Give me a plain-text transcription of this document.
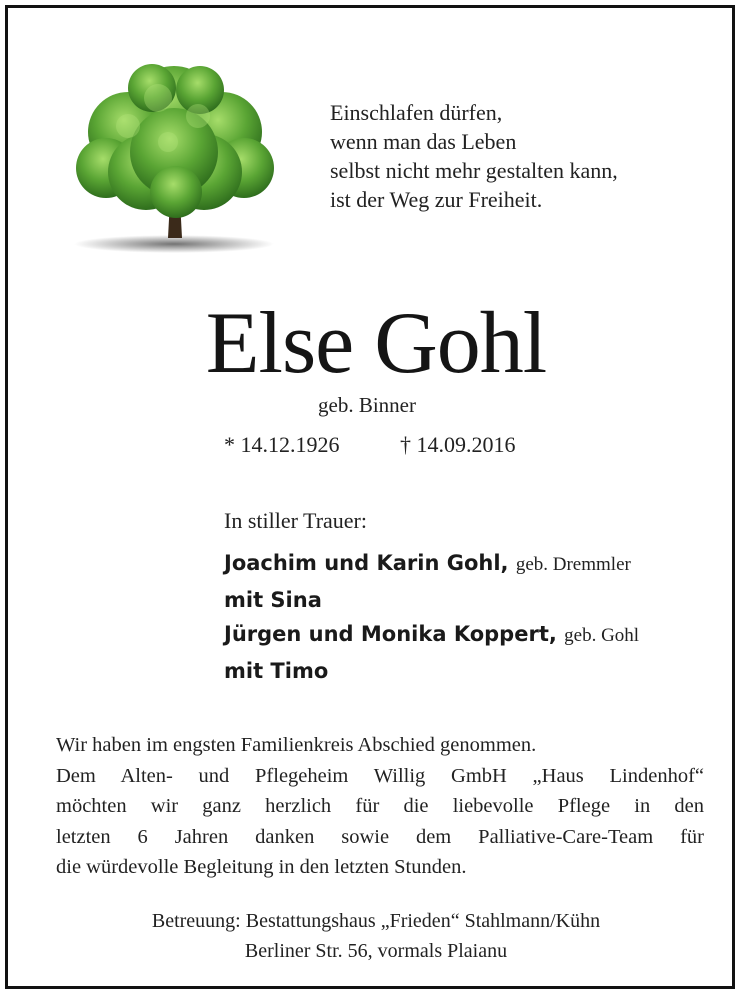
Einschlafen dürfen,
wenn man das Leben
selbst nicht mehr gestalten kann,
ist der Weg zur Freiheit.
Else Gohl
geb. Binner
* 14.12.1926	† 14.09.2016
In stiller Trauer:
Joachim und Karin Gohl, geb. Dremmler
mit Sina
Jürgen und Monika Koppert, geb. Gohl
mit Timo
Wir haben im engsten Familienkreis Abschied genommen.
Dem Alten- und Pflegeheim Willig GmbH „Haus Lindenhof“
möchten wir ganz herzlich für die liebevolle Pflege in den
letzten 6 Jahren danken sowie dem Palliative-Care-Team für
die würdevolle Begleitung in den letzten Stunden.
Betreuung: Bestattungshaus „Frieden“ Stahlmann/Kühn
Berliner Str. 56, vormals Plaianu
